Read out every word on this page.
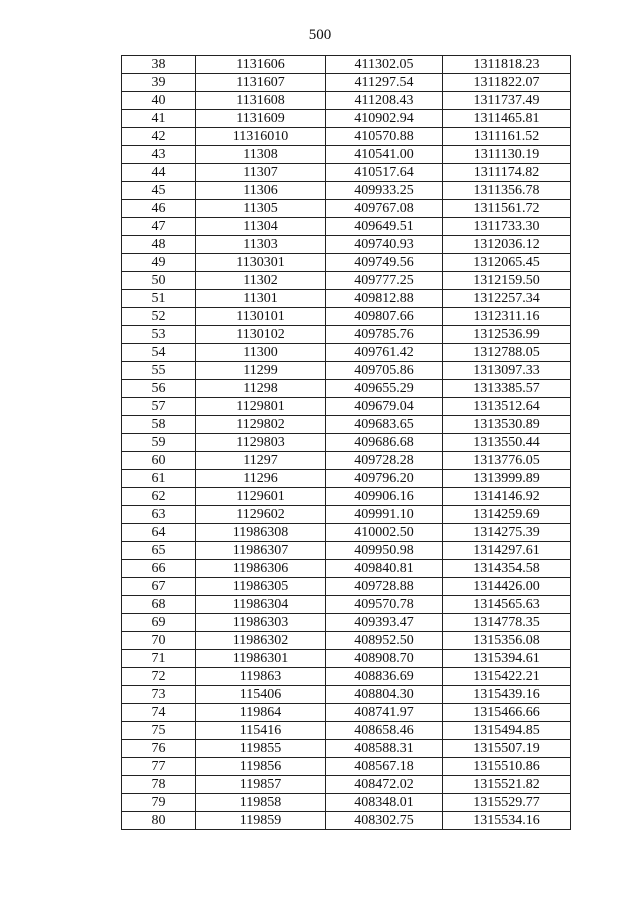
500
38	1131606	411302.05	1311818.23
39	1131607	411297.54	1311822.07
40	1131608	411208.43	1311737.49
41	1131609	410902.94	1311465.81
42	11316010	410570.88	1311161.52
43	11308	410541.00	1311130.19
44	11307	410517.64	1311174.82
45	11306	409933.25	1311356.78
46	11305	409767.08	1311561.72
47	11304	409649.51	1311733.30
48	11303	409740.93	1312036.12
49	1130301	409749.56	1312065.45
50	11302	409777.25	1312159.50
51	11301	409812.88	1312257.34
52	1130101	409807.66	1312311.16
53	1130102	409785.76	1312536.99
54	11300	409761.42	1312788.05
55	11299	409705.86	1313097.33
56	11298	409655.29	1313385.57
57	1129801	409679.04	1313512.64
58	1129802	409683.65	1313530.89
59	1129803	409686.68	1313550.44
60	11297	409728.28	1313776.05
61	11296	409796.20	1313999.89
62	1129601	409906.16	1314146.92
63	1129602	409991.10	1314259.69
64	11986308	410002.50	1314275.39
65	11986307	409950.98	1314297.61
66	11986306	409840.81	1314354.58
67	11986305	409728.88	1314426.00
68	11986304	409570.78	1314565.63
69	11986303	409393.47	1314778.35
70	11986302	408952.50	1315356.08
71	11986301	408908.70	1315394.61
72	119863	408836.69	1315422.21
73	115406	408804.30	1315439.16
74	119864	408741.97	1315466.66
75	115416	408658.46	1315494.85
76	119855	408588.31	1315507.19
77	119856	408567.18	1315510.86
78	119857	408472.02	1315521.82
79	119858	408348.01	1315529.77
80	119859	408302.75	1315534.16
